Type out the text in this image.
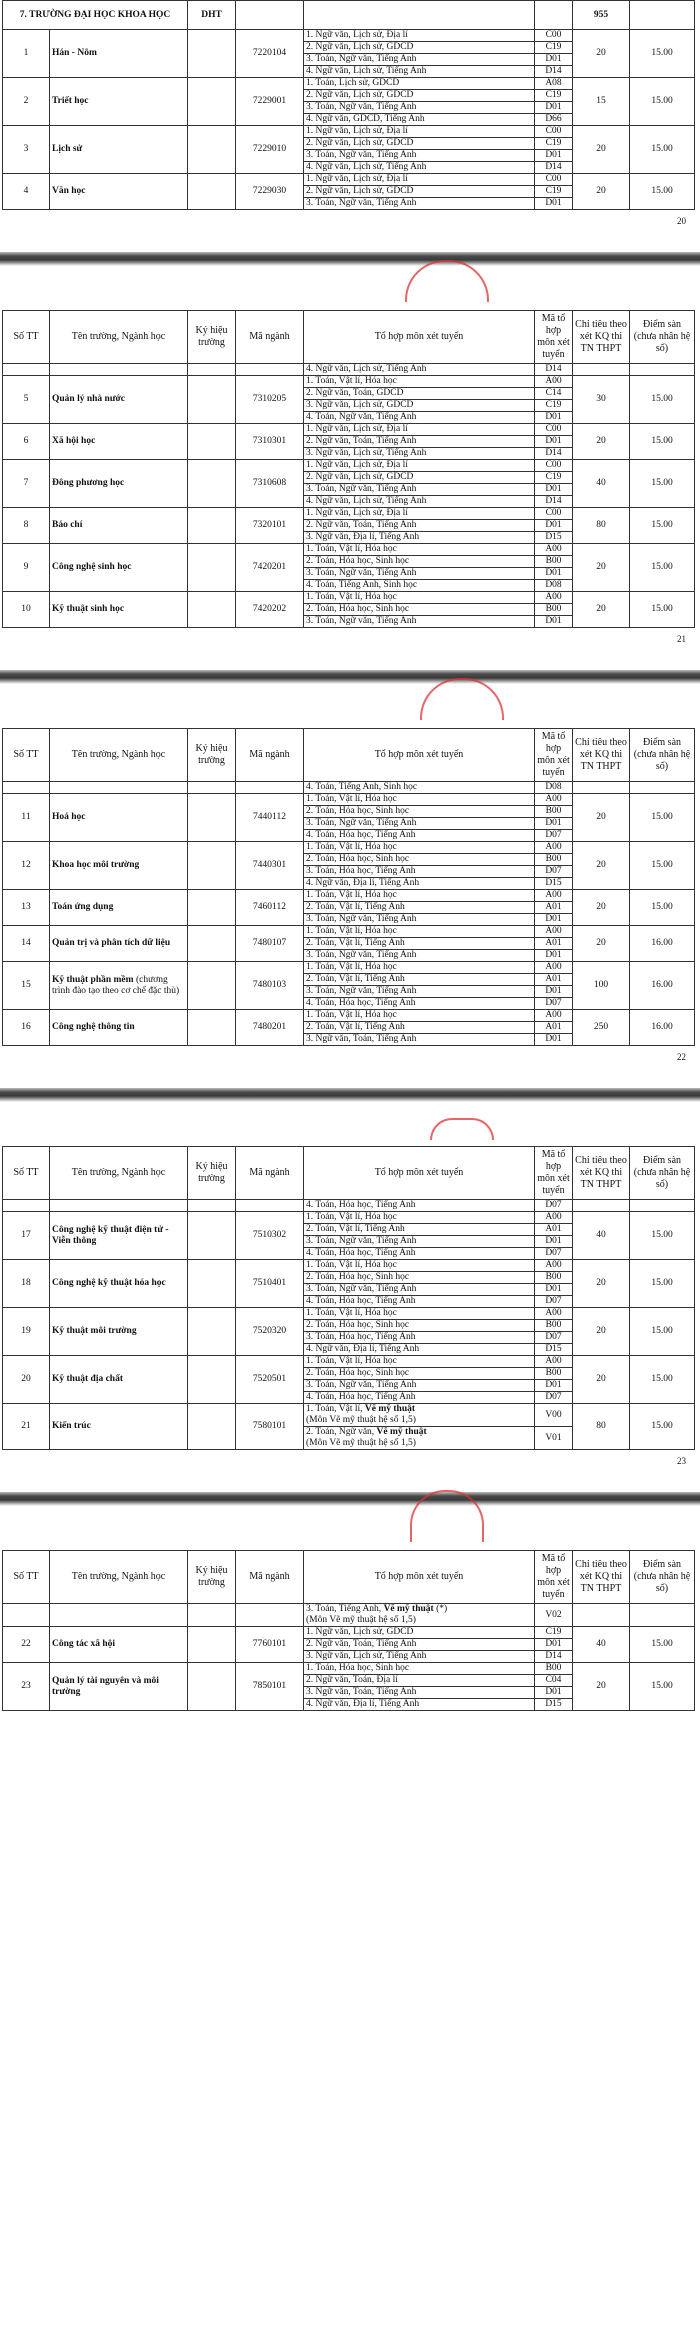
7. TRƯỜNG ĐẠI HỌC KHOA HỌC		DHT				955	
1	Hán - Nôm		7220104	1. Ngữ văn, Lịch sử, Địa lí	C00	20	15.00
				2. Ngữ văn, Lịch sử, GDCD	C19		
				3. Toán, Ngữ văn, Tiếng Anh	D01		
				4. Ngữ văn, Lịch sử, Tiếng Anh	D14		
2	Triết học		7229001	1. Toán, Lịch sử, GDCD	A08	15	15.00
				2. Ngữ văn, Lịch sử, GDCD	C19		
				3. Toán, Ngữ văn, Tiếng Anh	D01		
				4. Ngữ văn, GDCD, Tiếng Anh	D66		
3	Lịch sử		7229010	1. Ngữ văn, Lịch sử, Địa lí	C00	20	15.00
				2. Ngữ văn, Lịch sử, GDCD	C19		
				3. Toán, Ngữ văn, Tiếng Anh	D01		
				4. Ngữ văn, Lịch sử, Tiếng Anh	D14		
4	Văn học		7229030	1. Ngữ văn, Lịch sử, Địa lí	C00	20	15.00
				2. Ngữ văn, Lịch sử, GDCD	C19		
				3. Toán, Ngữ văn, Tiếng Anh	D01		
20
Số TT	Tên trường, Ngành học	Ký hiệu trường	Mã ngành	Tổ hợp môn xét tuyển	Mã tổ hợp môn xét tuyển	Chỉ tiêu theo xét KQ thi TN THPT	Điểm sàn (chưa nhân hệ số)
				4. Ngữ văn, Lịch sử, Tiếng Anh	D14		
5	Quản lý nhà nước		7310205	1. Toán, Vật lí, Hóa học	A00	30	15.00
				2. Ngữ văn, Toán, GDCD	C14		
				3. Ngữ văn, Lịch sử, GDCD	C19		
				4. Toán, Ngữ văn, Tiếng Anh	D01		
6	Xã hội học		7310301	1. Ngữ văn, Lịch sử, Địa lí	C00	20	15.00
				2. Ngữ văn, Toán, Tiếng Anh	D01		
				3. Ngữ văn, Lịch sử, Tiếng Anh	D14		
7	Đông phương học		7310608	1. Ngữ văn, Lịch sử, Địa lí	C00	40	15.00
				2. Ngữ văn, Lịch sử, GDCD	C19		
				3. Toán, Ngữ văn, Tiếng Anh	D01		
				4. Ngữ văn, Lịch sử, Tiếng Anh	D14		
8	Báo chí		7320101	1. Ngữ văn, Lịch sử, Địa lí	C00	80	15.00
				2. Ngữ văn, Toán, Tiếng Anh	D01		
				3. Ngữ văn, Địa lí, Tiếng Anh	D15		
9	Công nghệ sinh học		7420201	1. Toán, Vật lí, Hóa học	A00	20	15.00
				2. Toán, Hóa học, Sinh học	B00		
				3. Toán, Ngữ văn, Tiếng Anh	D01		
				4. Toán, Tiếng Anh, Sinh học	D08		
10	Kỹ thuật sinh học		7420202	1. Toán, Vật lí, Hóa học	A00	20	15.00
				2. Toán, Hóa học, Sinh học	B00		
				3. Toán, Ngữ văn, Tiếng Anh	D01		
21
Số TT	Tên trường, Ngành học	Ký hiệu trường	Mã ngành	Tổ hợp môn xét tuyển	Mã tổ hợp môn xét tuyển	Chỉ tiêu theo xét KQ thi TN THPT	Điểm sàn (chưa nhân hệ số)
				4. Toán, Tiếng Anh, Sinh học	D08		
11	Hoá học		7440112	1. Toán, Vật lí, Hóa học	A00	20	15.00
				2. Toán, Hóa học, Sinh học	B00		
				3. Toán, Ngữ văn, Tiếng Anh	D01		
				4. Toán, Hóa học, Tiếng Anh	D07		
12	Khoa học môi trường		7440301	1. Toán, Vật lí, Hóa học	A00	20	15.00
				2. Toán, Hóa học, Sinh học	B00		
				3. Toán, Hóa học, Tiếng Anh	D07		
				4. Ngữ văn, Địa lí, Tiếng Anh	D15		
13	Toán ứng dụng		7460112	1. Toán, Vật lí, Hóa học	A00	20	15.00
				2. Toán, Vật lí, Tiếng Anh	A01		
				3. Toán, Ngữ văn, Tiếng Anh	D01		
14	Quản trị và phân tích dữ liệu		7480107	1. Toán, Vật lí, Hóa học	A00	20	16.00
				2. Toán, Vật lí, Tiếng Anh	A01		
				3. Toán, Ngữ văn, Tiếng Anh	D01		
15	Kỹ thuật phần mềm (chương trình đào tạo theo cơ chế đặc thù)		7480103	1. Toán, Vật lí, Hóa học	A00	100	16.00
				2. Toán, Vật lí, Tiếng Anh	A01		
				3. Toán, Ngữ văn, Tiếng Anh	D01		
				4. Toán, Hóa học, Tiếng Anh	D07		
16	Công nghệ thông tin		7480201	1. Toán, Vật lí, Hóa học	A00	250	16.00
				2. Toán, Vật lí, Tiếng Anh	A01		
				3. Ngữ văn, Toán, Tiếng Anh	D01		
22
Số TT	Tên trường, Ngành học	Ký hiệu trường	Mã ngành	Tổ hợp môn xét tuyển	Mã tổ hợp môn xét tuyển	Chỉ tiêu theo xét KQ thi TN THPT	Điểm sàn (chưa nhân hệ số)
				4. Toán, Hóa học, Tiếng Anh	D07		
17	Công nghệ kỹ thuật điện tử - Viễn thông		7510302	1. Toán, Vật lí, Hóa học	A00	40	15.00
				2. Toán, Vật lí, Tiếng Anh	A01		
				3. Toán, Ngữ văn, Tiếng Anh	D01		
				4. Toán, Hóa học, Tiếng Anh	D07		
18	Công nghệ kỹ thuật hóa học		7510401	1. Toán, Vật lí, Hóa học	A00	20	15.00
				2. Toán, Hóa học, Sinh học	B00		
				3. Toán, Ngữ văn, Tiếng Anh	D01		
				4. Toán, Hóa học, Tiếng Anh	D07		
19	Kỹ thuật môi trường		7520320	1. Toán, Vật lí, Hóa học	A00	20	15.00
				2. Toán, Hóa học, Sinh học	B00		
				3. Toán, Hóa học, Tiếng Anh	D07		
				4. Ngữ văn, Địa lí, Tiếng Anh	D15		
20	Kỹ thuật địa chất		7520501	1. Toán, Vật lí, Hóa học	A00	20	15.00
				2. Toán, Hóa học, Sinh học	B00		
				3. Toán, Ngữ văn, Tiếng Anh	D01		
				4. Toán, Hóa học, Tiếng Anh	D07		
21	Kiến trúc		7580101	1. Toán, Vật lí, Vẽ mỹ thuật
(Môn Vẽ mỹ thuật hệ số 1,5)	V00	80	15.00

				2. Toán, Ngữ văn, Vẽ mỹ thuật
(Môn Vẽ mỹ thuật hệ số 1,5)	V01		
23
Số TT	Tên trường, Ngành học	Ký hiệu trường	Mã ngành	Tổ hợp môn xét tuyển	Mã tổ hợp môn xét tuyển	Chỉ tiêu theo xét KQ thi TN THPT	Điểm sàn (chưa nhân hệ số)

				3. Toán, Tiếng Anh, Vẽ mỹ thuật (*)
(Môn Vẽ mỹ thuật hệ số 1,5)	V02		
22	Công tác xã hội		7760101	1. Ngữ văn, Lịch sử, GDCD	C19	40	15.00
				2. Ngữ văn, Toán, Tiếng Anh	D01		
				3. Ngữ văn, Lịch sử, Tiếng Anh	D14		
23	Quản lý tài nguyên và môi trường		7850101	1. Toán, Hóa học, Sinh học	B00	20	15.00
				2. Ngữ văn, Toán, Địa lí	C04		
				3. Ngữ văn, Toán, Tiếng Anh	D01		
				4. Ngữ văn, Địa lí, Tiếng Anh	D15		
